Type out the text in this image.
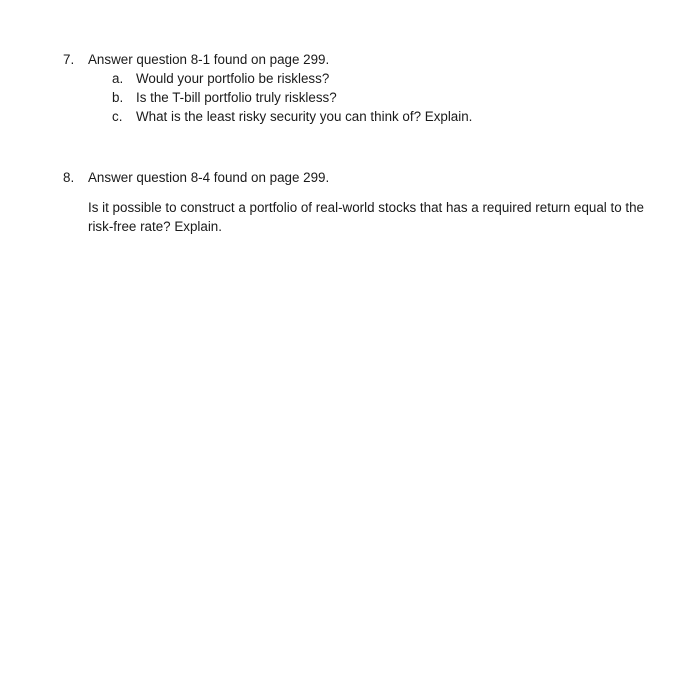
7.	Answer question 8-1 found on page 299.
a. Would your portfolio be riskless?
b. Is the T-bill portfolio truly riskless?
c. What is the least risky security you can think of? Explain.
8.	Answer question 8-4 found on page 299.
Is it possible to construct a portfolio of real-world stocks that has a required return equal to the risk-free rate? Explain.
